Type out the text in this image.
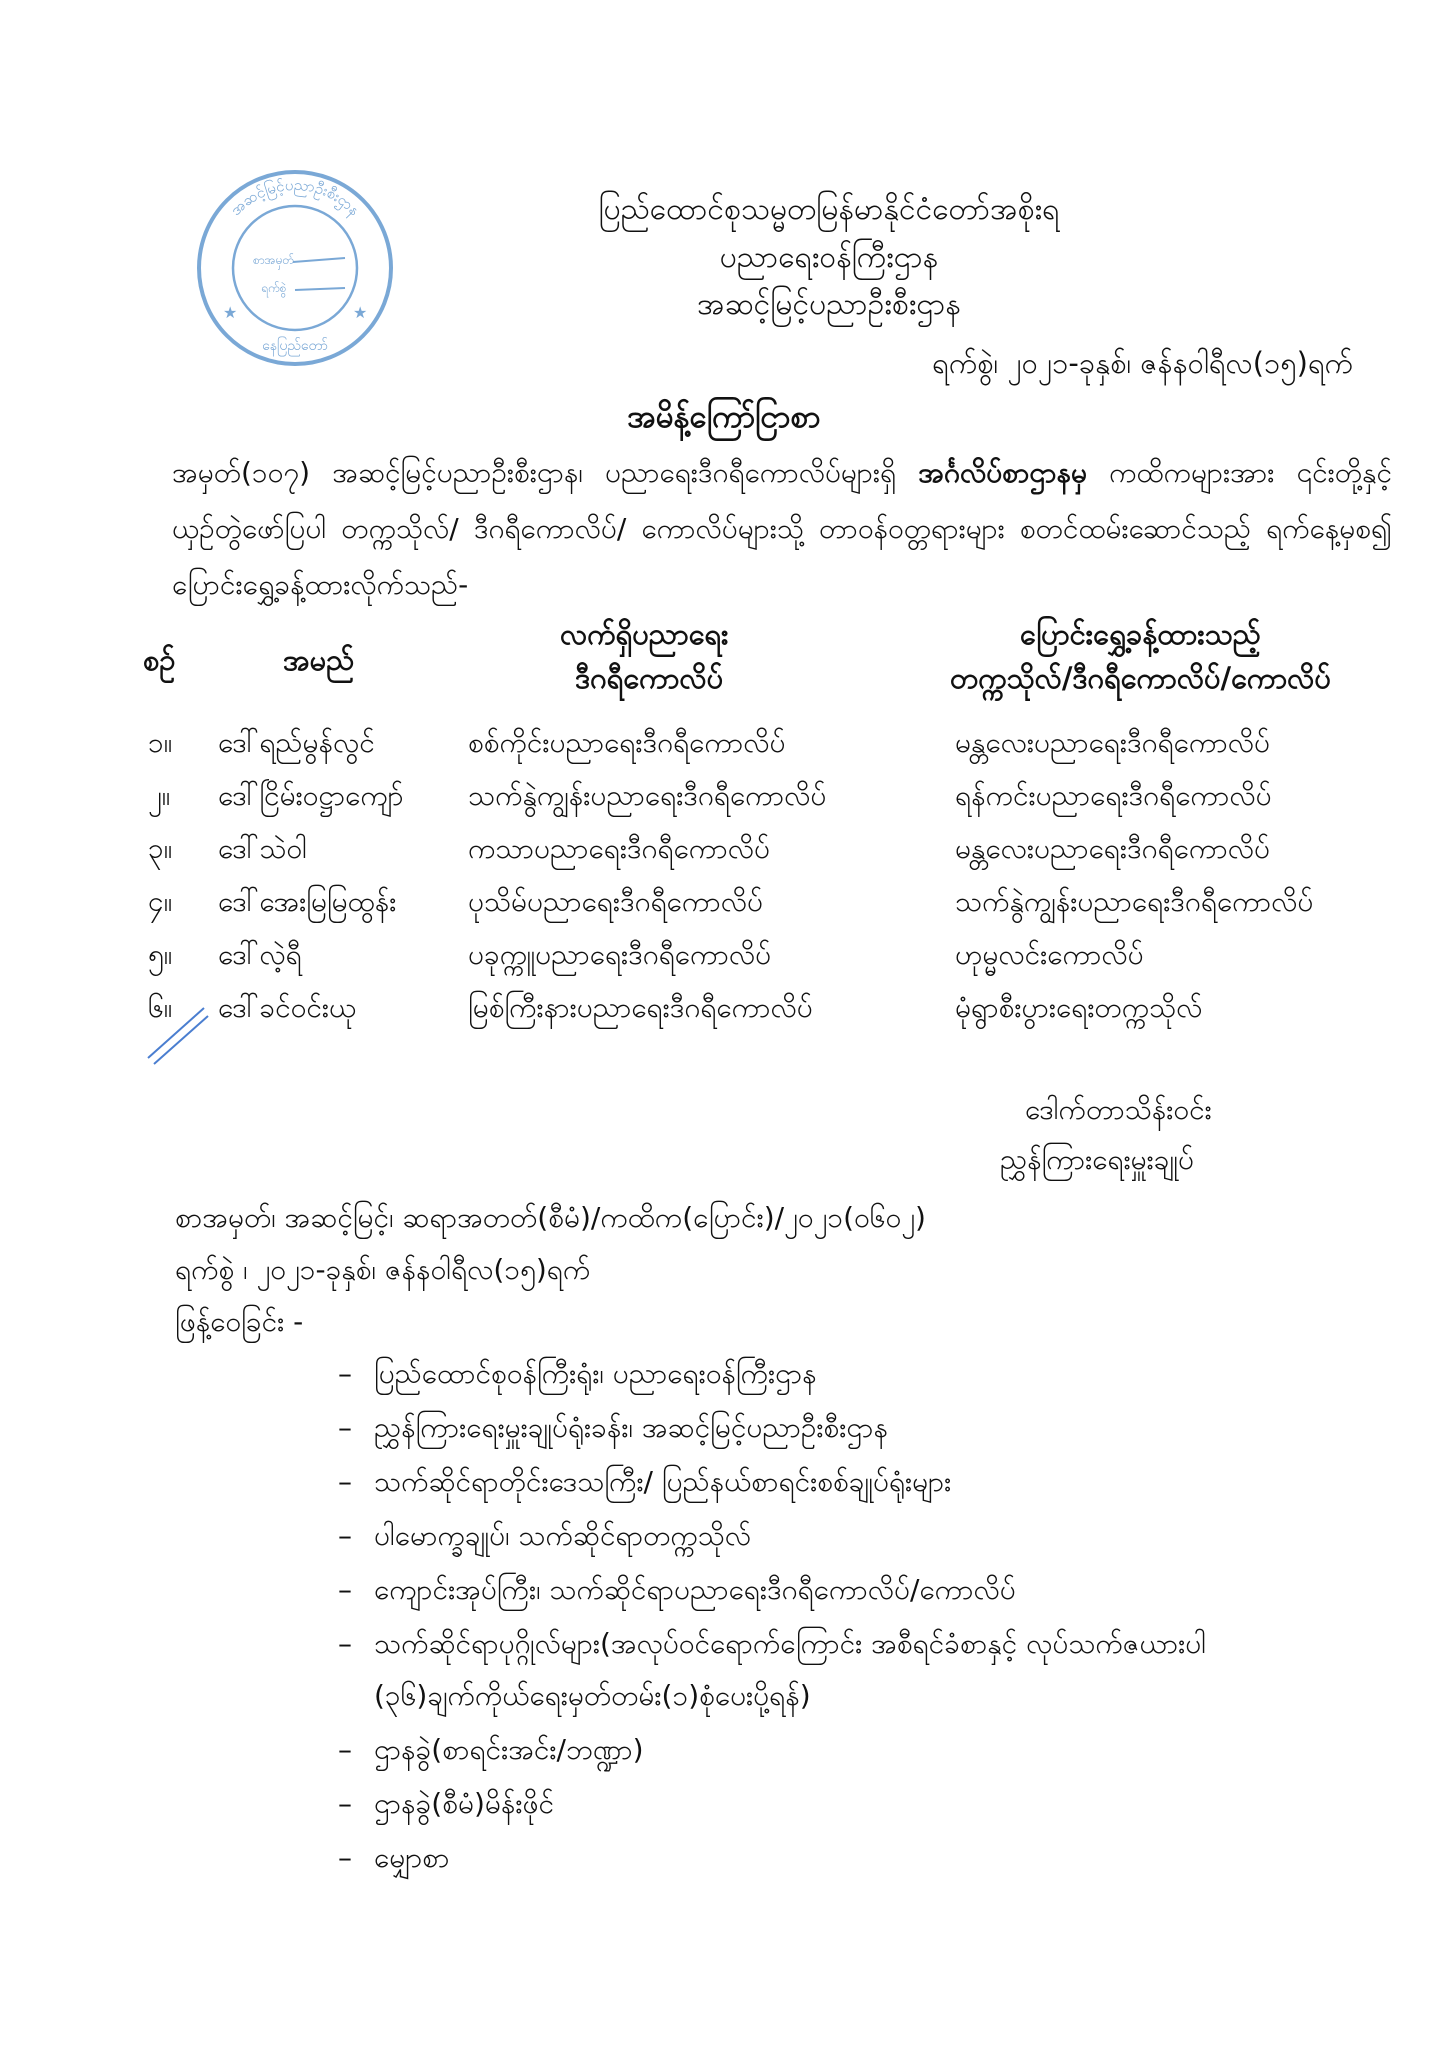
အဆင့်မြင့်ပညာဦးစီးဌာန
နေပြည်တော်
စာအမှတ်
ရက်စွဲ
★	★
ပြည်ထောင်စုသမ္မတမြန်မာနိုင်ငံတော်အစိုးရ
ပညာရေးဝန်ကြီးဌာန
အဆင့်မြင့်ပညာဦးစီးဌာန
ရက်စွဲ၊ ၂၀၂၁-ခုနှစ်၊ ဇန်နဝါရီလ(၁၅)ရက်
အမိန့်ကြော်ငြာစာ
အမှတ်(၁၀၇) အဆင့်မြင့်ပညာဦးစီးဌာန၊ ပညာရေးဒီဂရီကောလိပ်များရှိ အင်္ဂလိပ်စာဌာနမှ ကထိကများအား ၎င်းတို့နှင့်ယှဉ်တွဲဖော်ပြပါ တက္ကသိုလ်/ ဒီဂရီကောလိပ်/ ကောလိပ်များသို့ တာဝန်ဝတ္တရားများ စတင်ထမ်းဆောင်သည့် ရက်နေ့မှစ၍ ပြောင်းရွှေ့ခန့်ထားလိုက်သည်-
စဉ်	အမည်
လက်ရှိပညာရေး
ဒီဂရီကောလိပ်
ပြောင်းရွှေ့ခန့်ထားသည့်
တက္ကသိုလ်/ဒီဂရီကောလိပ်/ကောလိပ်
၁။ ဒေါ်ရည်မွန်လွင်	စစ်ကိုင်းပညာရေးဒီဂရီကောလိပ်	မန္တလေးပညာရေးဒီဂရီကောလိပ်
၂။ ဒေါ်ငြိမ်းဝဋ္ဌာကျော် သက်နွဲကျွန်းပညာရေးဒီဂရီကောလိပ်	ရန်ကင်းပညာရေးဒီဂရီကောလိပ်
၃။ ဒေါ်သဲဝါ	ကသာပညာရေးဒီဂရီကောလိပ်	မန္တလေးပညာရေးဒီဂရီကောလိပ်
၄။ ဒေါ်အေးမြမြထွန်း	ပုသိမ်ပညာရေးဒီဂရီကောလိပ်	သက်နွဲကျွန်းပညာရေးဒီဂရီကောလိပ်
၅။ ဒေါ်လဲ့ရီ	ပခုက္ကူပညာရေးဒီဂရီကောလိပ်	ဟုမ္မလင်းကောလိပ်
၆။ ဒေါ်ခင်ဝင်းယု	မြစ်ကြီးနားပညာရေးဒီဂရီကောလိပ်	မုံရွာစီးပွားရေးတက္ကသိုလ်
ဒေါက်တာသိန်းဝင်း
ညွှန်ကြားရေးမှူးချုပ်
စာအမှတ်၊ အဆင့်မြင့်၊ ဆရာအတတ်(စီမံ)/ကထိက(ပြောင်း)/၂၀၂၁(၀၆၀၂)
ရက်စွဲ ၊ ၂၀၂၁-ခုနှစ်၊ ဇန်နဝါရီလ(၁၅)ရက်
ဖြန့်ဝေခြင်း -
– ပြည်ထောင်စုဝန်ကြီးရုံး၊ ပညာရေးဝန်ကြီးဌာန
– ညွှန်ကြားရေးမှူးချုပ်ရုံးခန်း၊ အဆင့်မြင့်ပညာဦးစီးဌာန
– သက်ဆိုင်ရာတိုင်းဒေသကြီး/ ပြည်နယ်စာရင်းစစ်ချုပ်ရုံးများ
– ပါမောက္ခချုပ်၊ သက်ဆိုင်ရာတက္ကသိုလ်
– ကျောင်းအုပ်ကြီး၊ သက်ဆိုင်ရာပညာရေးဒီဂရီကောလိပ်/ကောလိပ်
– သက်ဆိုင်ရာပုဂ္ဂိုလ်များ(အလုပ်ဝင်ရောက်ကြောင်း အစီရင်ခံစာနှင့် လုပ်သက်ဇယားပါ
(၃၆)ချက်ကိုယ်ရေးမှတ်တမ်း(၁)စုံပေးပို့ရန်)
– ဌာနခွဲ(စာရင်းအင်း/ဘဏ္ဍာ)
– ဌာနခွဲ(စီမံ)မိန်းဖိုင်
– မျှောစာ
